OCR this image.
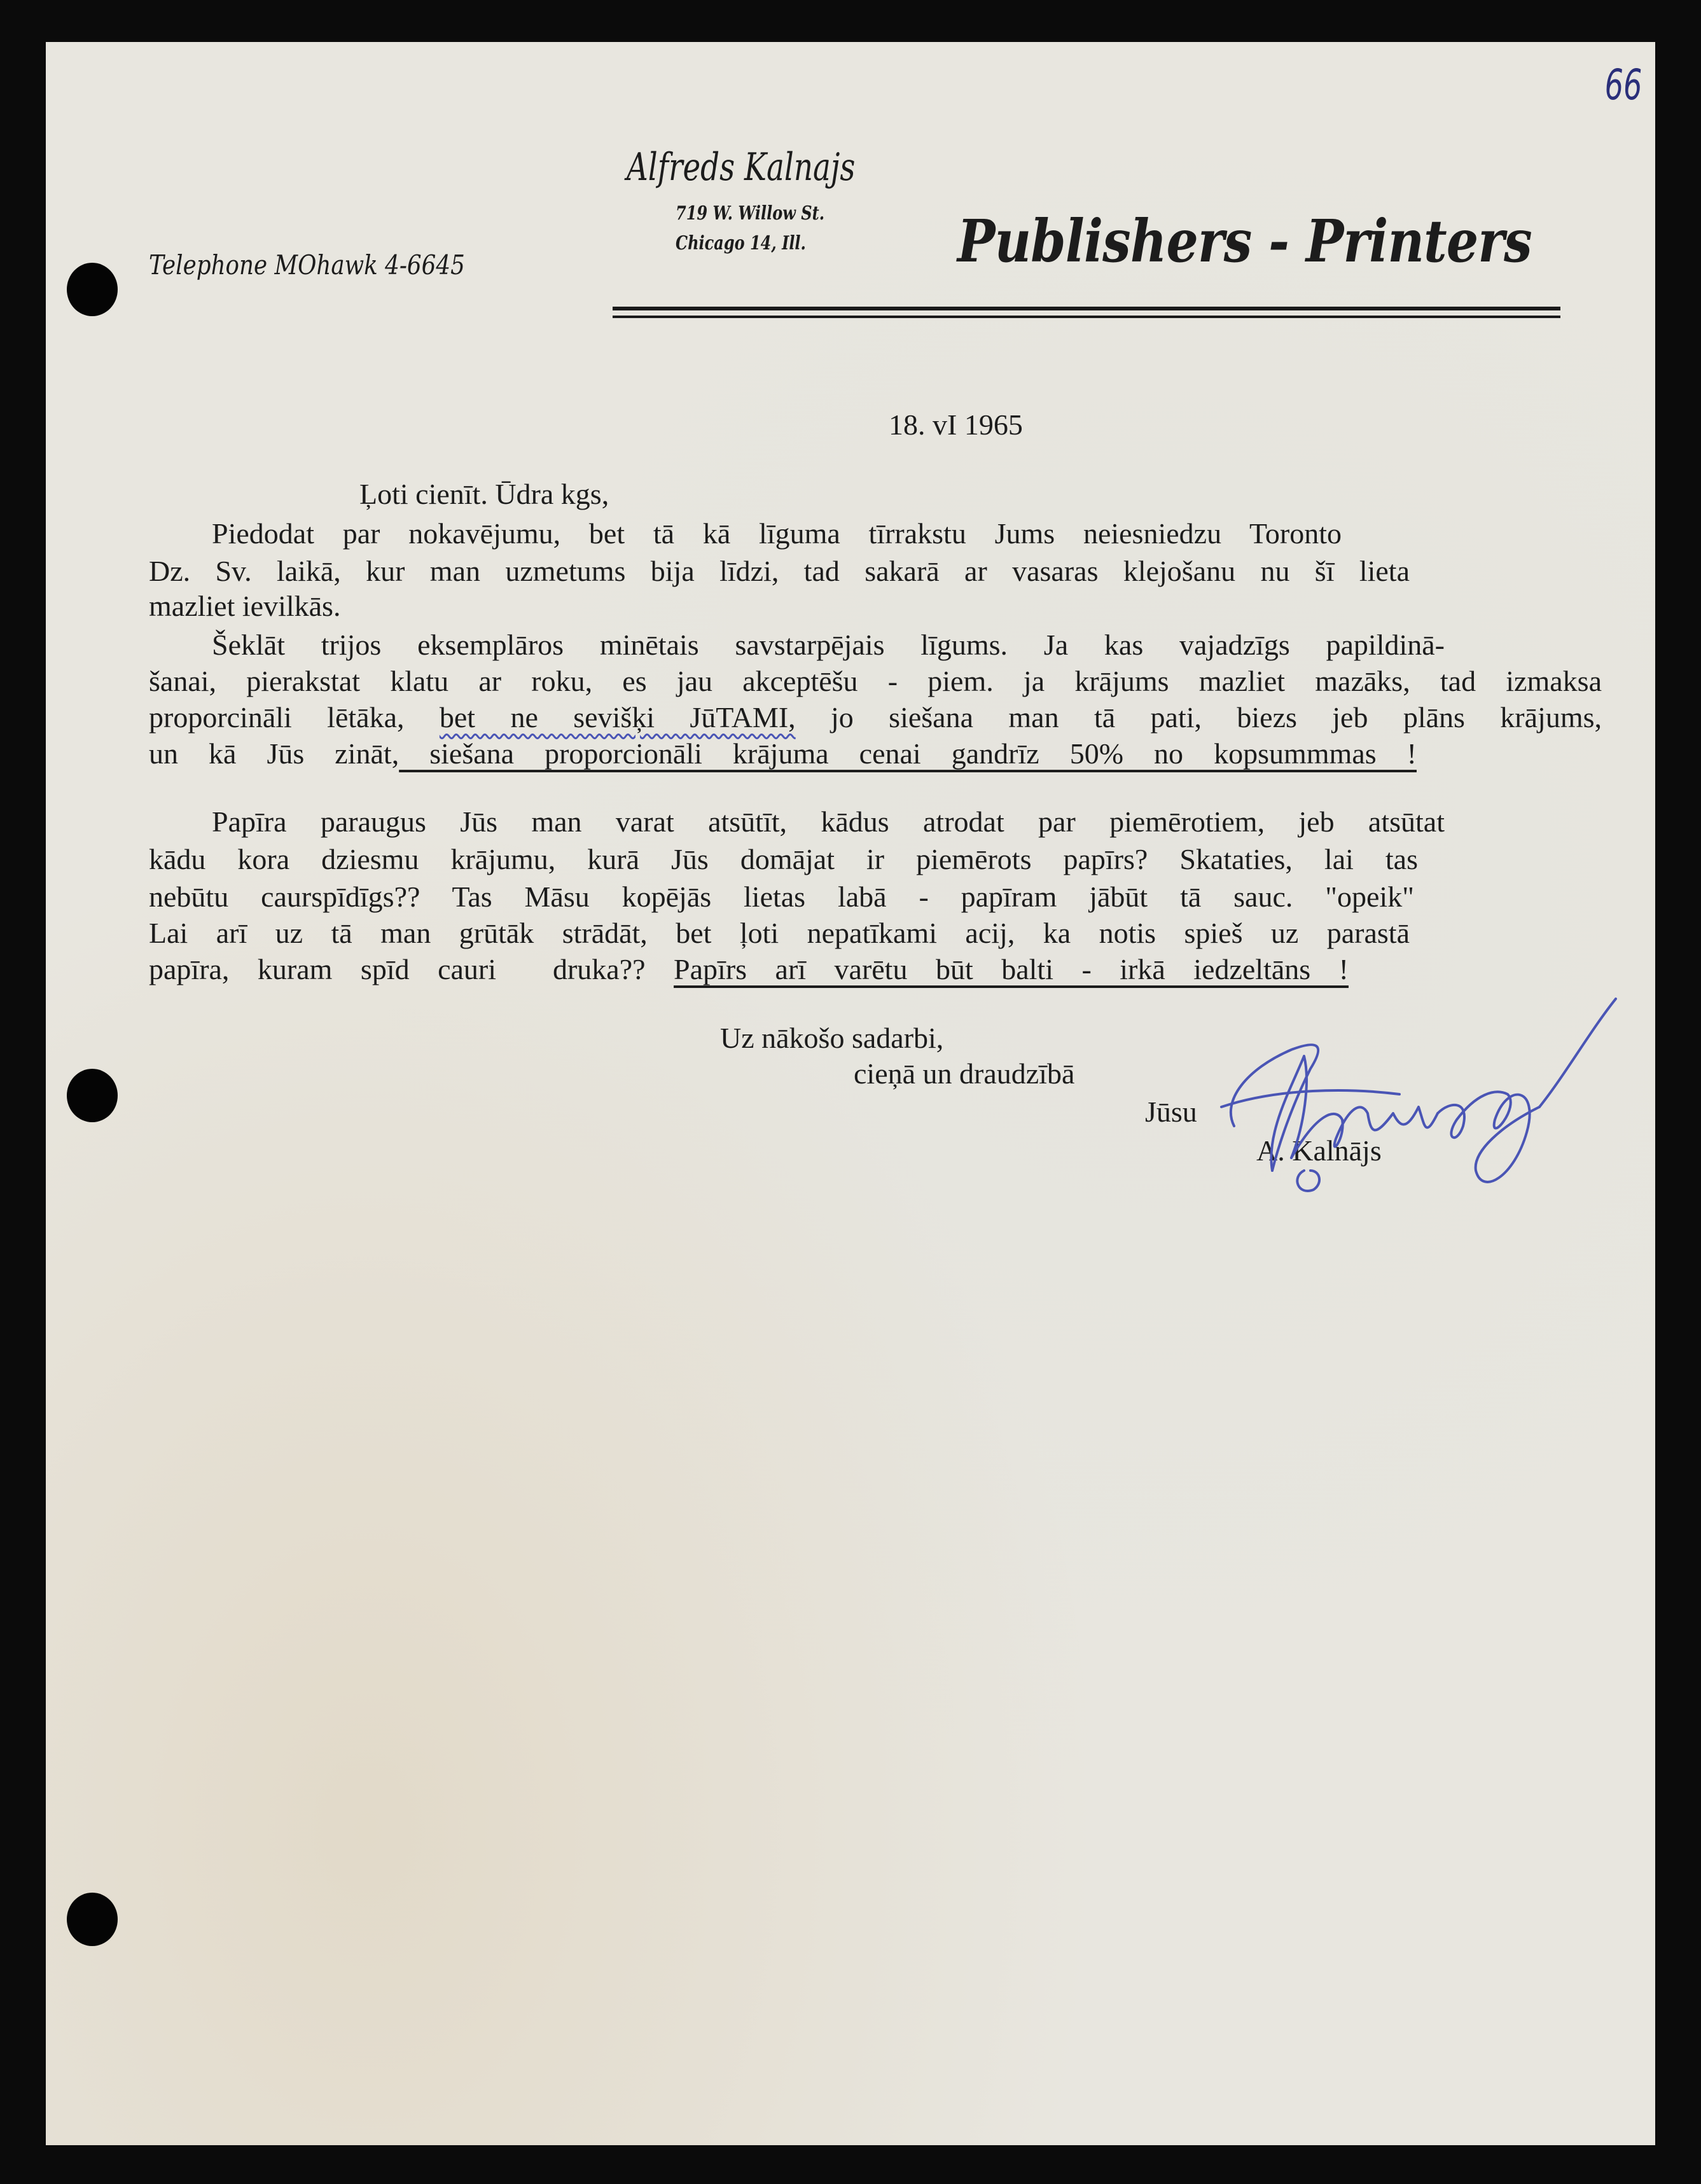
66
Alfreds Kalnajs
719 W. Willow St.
Chicago 14, Ill.	Publishers - Printers
Telephone MOhawk 4-6645
18. vI 1965
Ļoti cienīt. Ūdra kgs,
Piedodat par nokavējumu, bet tā kā līguma tīrrakstu Jums neiesniedzu Toronto
Dz. Sv. laikā, kur man uzmetums bija līdzi, tad sakarā ar vasaras klejošanu nu šī lieta
mazliet ievilkās.
Šeklāt trijos eksemplāros minētais savstarpējais līgums. Ja kas vajadzīgs papildinā-
šanai, pierakstat klatu ar roku, es jau akceptēšu - piem. ja krājums mazliet mazāks, tad izmaksa
proporcināli lētāka, bet ne sevišķi JūTAMI, jo siešana man tā pati, biezs jeb plāns krājums,
un kā Jūs zināt, siešana proporcionāli krājuma cenai gandrīz 50% no kopsummmas !
Papīra paraugus Jūs man varat atsūtīt, kādus atrodat par piemērotiem, jeb atsūtat
kādu kora dziesmu krājumu, kurā Jūs domājat ir piemērots papīrs? Skataties, lai tas
nebūtu caurspīdīgs?? Tas Māsu kopējās lietas labā - papīram jābūt tā sauc. "opeik"
Lai arī uz tā man grūtāk strādāt, bet ļoti nepatīkami acij, ka notis spieš uz parastā
papīra, kuram spīd cauri  druka?? Papīrs arī varētu būt balti - irkā iedzeltāns !
Uz nākošo sadarbi,
cieņā un draudzībā
Jūsu
A. Kalnājs
